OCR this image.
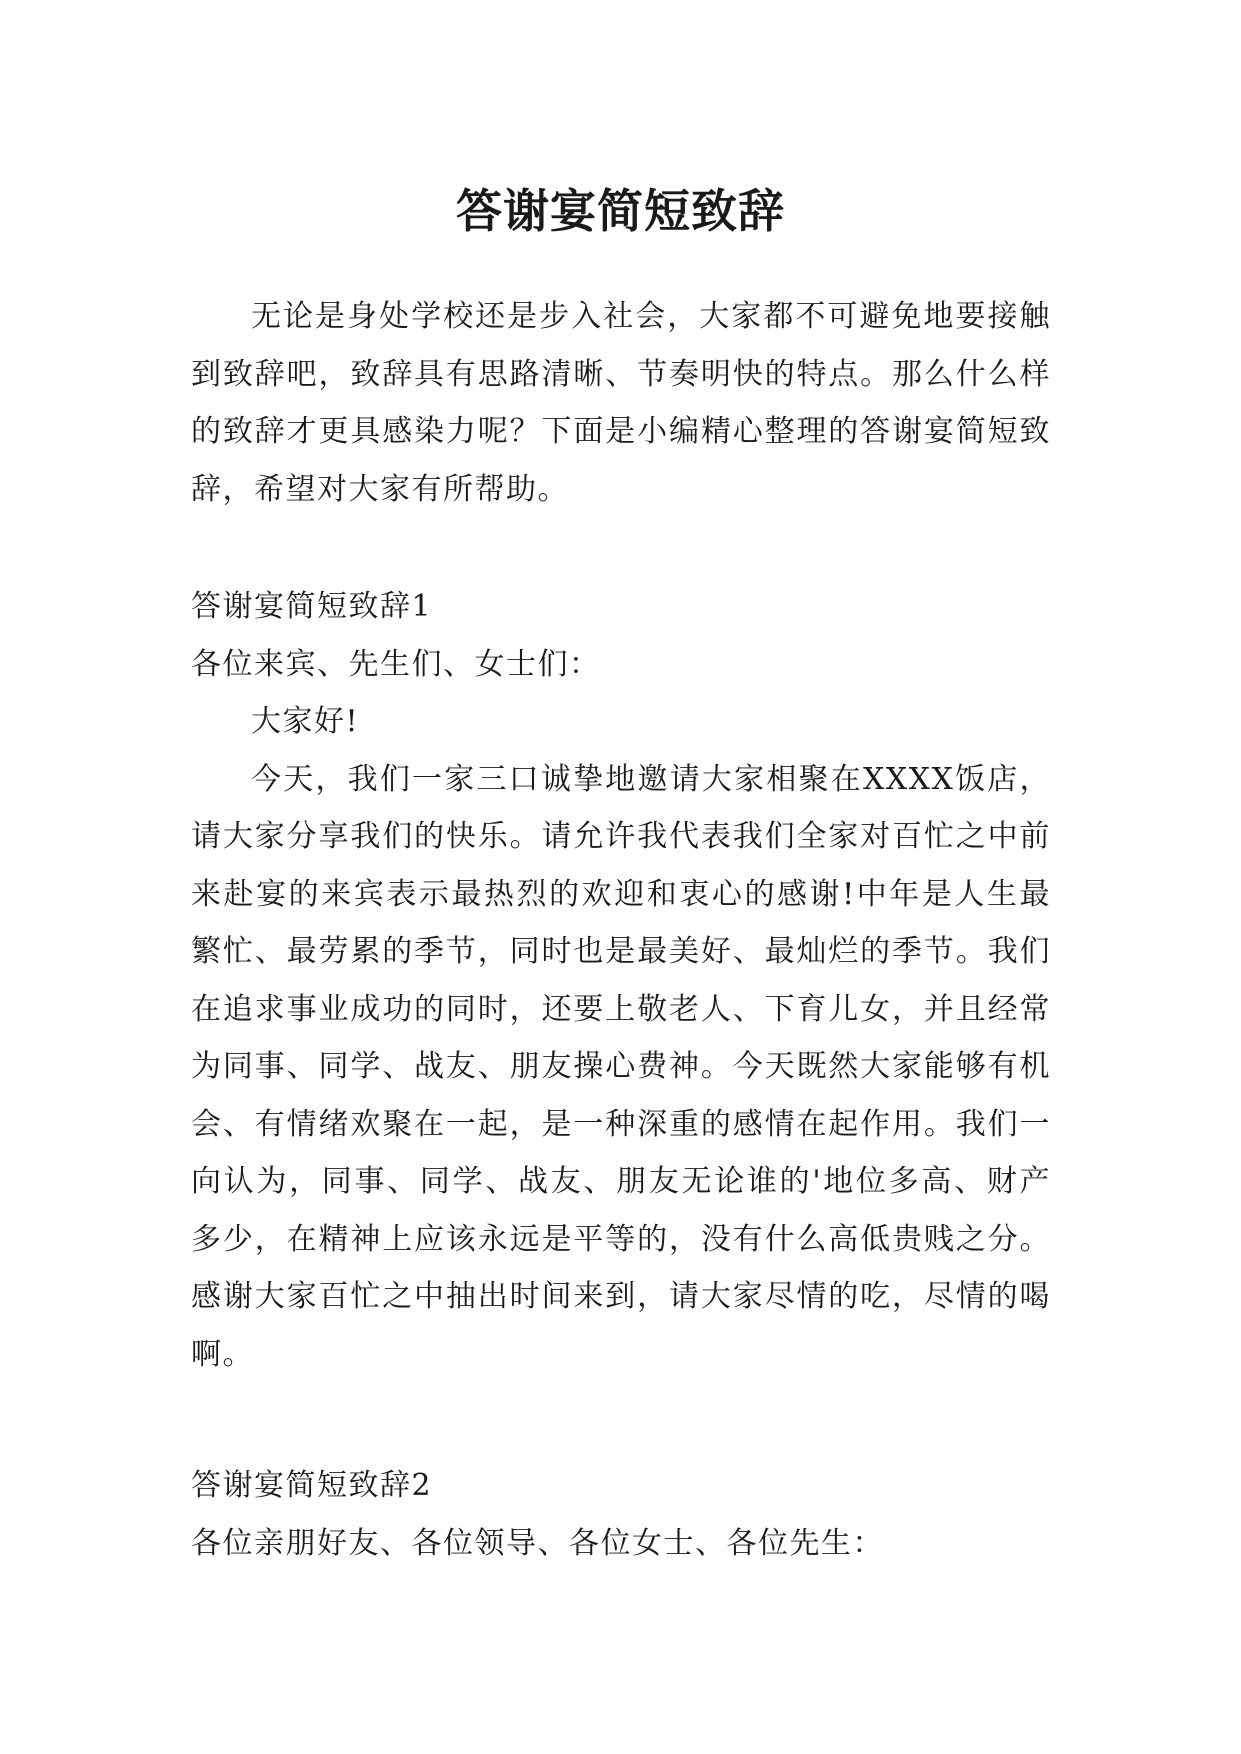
答谢宴简短致辞

无论是身处学校还是步入社会，大家都不可避免地要接触到致辞吧，致辞具有思路清晰、节奏明快的特点。那么什么样的致辞才更具感染力呢？下面是小编精心整理的答谢宴简短致辞，希望对大家有所帮助。

答谢宴简短致辞1

各位来宾、先生们、女士们：

大家好!

今天，我们一家三口诚挚地邀请大家相聚在XXXX饭店，请大家分享我们的快乐。请允许我代表我们全家对百忙之中前来赴宴的来宾表示最热烈的欢迎和衷心的感谢!中年是人生最繁忙、最劳累的季节，同时也是最美好、最灿烂的季节。我们在追求事业成功的同时，还要上敬老人、下育儿女，并且经常为同事、同学、战友、朋友操心费神。今天既然大家能够有机会、有情绪欢聚在一起，是一种深重的感情在起作用。我们一向认为，同事、同学、战友、朋友无论谁的'地位多高、财产多少，在精神上应该永远是平等的，没有什么高低贵贱之分。感谢大家百忙之中抽出时间来到，请大家尽情的吃，尽情的喝啊。

答谢宴简短致辞2

各位亲朋好友、各位领导、各位女士、各位先生：
